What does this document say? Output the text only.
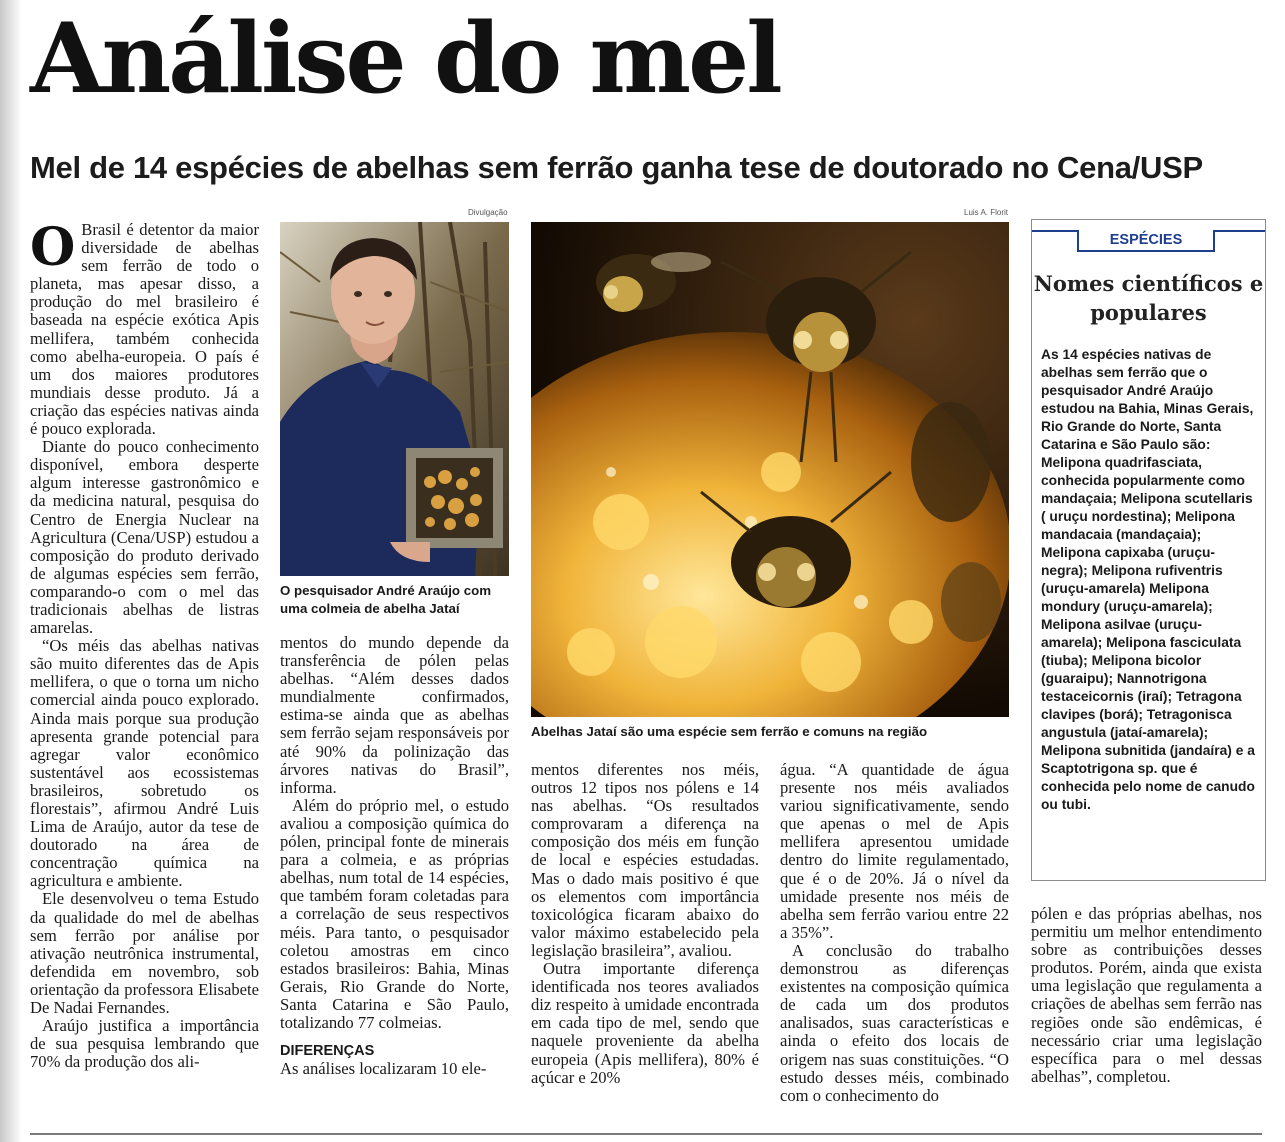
Análise do mel
Mel de 14 espécies de abelhas sem ferrão ganha tese de doutorado no Cena/USP

O Brasil é detentor da maior diversidade de abelhas sem ferrão de todo o planeta, mas apesar disso, a produção do mel brasileiro é baseada na espécie exótica Apis mellifera, também conhecida como abelha-europeia. O país é um dos maiores produtores mundiais desse produto. Já a criação das espécies nativas ainda é pouco explorada.

Diante do pouco conhecimento disponível, embora desperte algum interesse gastronômico e da medicina natural, pesquisa do Centro de Energia Nuclear na Agricultura (Cena/USP) estudou a composição do produto derivado de algumas espécies sem ferrão, comparando-o com o mel das tradicionais abelhas de listras amarelas.

“Os méis das abelhas nativas são muito diferentes das de Apis mellifera, o que o torna um nicho comercial ainda pouco explorado. Ainda mais porque sua produção apresenta grande potencial para agregar valor econômico sustentável aos ecossistemas brasileiros, sobretudo os florestais”, afirmou André Luis Lima de Araújo, autor da tese de doutorado na área de concentração química na agricultura e ambiente.

Ele desenvolveu o tema Estudo da qualidade do mel de abelhas sem ferrão por análise por ativação neutrônica instrumental, defendida em novembro, sob orientação da professora Elisabete De Nadai Fernandes.

Araújo justifica a importância de sua pesquisa lembrando que 70% da produção dos ali-

Divulgação
O pesquisador André Araújo com uma colmeia de abelha Jataí

mentos do mundo depende da transferência de pólen pelas abelhas. “Além desses dados mundialmente confirmados, estima-se ainda que as abelhas sem ferrão sejam responsáveis por até 90% da polinização das árvores nativas do Brasil”, informa.

Além do próprio mel, o estudo avaliou a composição química do pólen, principal fonte de minerais para a colmeia, e as próprias abelhas, num total de 14 espécies, que também foram coletadas para a correlação de seus respectivos méis. Para tanto, o pesquisador coletou amostras em cinco estados brasileiros: Bahia, Minas Gerais, Rio Grande do Norte, Santa Catarina e São Paulo, totalizando 77 colmeias.

DIFERENÇAS

As análises localizaram 10 ele-

Luis A. Florit
Abelhas Jataí são uma espécie sem ferrão e comuns na região

mentos diferentes nos méis, outros 12 tipos nos pólens e 14 nas abelhas. “Os resultados comprovaram a diferença na composição dos méis em função de local e espécies estudadas. Mas o dado mais positivo é que os elementos com importância toxicológica ficaram abaixo do valor máximo estabelecido pela legislação brasileira”, avaliou.

Outra importante diferença identificada nos teores avaliados diz respeito à umidade encontrada em cada tipo de mel, sendo que naquele proveniente da abelha europeia (Apis mellifera), 80% é açúcar e 20%

água. “A quantidade de água presente nos méis avaliados variou significativamente, sendo que apenas o mel de Apis mellifera apresentou umidade dentro do limite regulamentado, que é o de 20%. Já o nível da umidade presente nos méis de abelha sem ferrão variou entre 22 a 35%”.

A conclusão do trabalho demonstrou as diferenças existentes na composição química de cada um dos produtos analisados, suas características e ainda o efeito dos locais de origem nas suas constituições. “O estudo desses méis, combinado com o conhecimento do

ESPÉCIES
Nomes científicos e populares
As 14 espécies nativas de abelhas sem ferrão que o pesquisador André Araújo estudou na Bahia, Minas Gerais, Rio Grande do Norte, Santa Catarina e São Paulo são: Melipona quadrifasciata, conhecida popularmente como mandaçaia; Melipona scutellaris ( uruçu nordestina); Melipona mandacaia (mandaçaia); Melipona capixaba (uruçu-negra); Melipona rufiventris (uruçu-amarela) Melipona mondury (uruçu-amarela); Melipona asilvae (uruçu-amarela); Melipona fasciculata (tiuba); Melipona bicolor (guaraipu); Nannotrigona testaceicornis (iraí); Tetragona clavipes (borá); Tetragonisca angustula (jataí-amarela); Melipona subnitida (jandaíra) e a Scaptotrigona sp. que é conhecida pelo nome de canudo ou tubi.

pólen e das próprias abelhas, nos permitiu um melhor entendimento sobre as contribuições desses produtos. Porém, ainda que exista uma legislação que regulamenta a criações de abelhas sem ferrão nas regiões onde são endêmicas, é necessário criar uma legislação específica para o mel dessas abelhas”, completou.
